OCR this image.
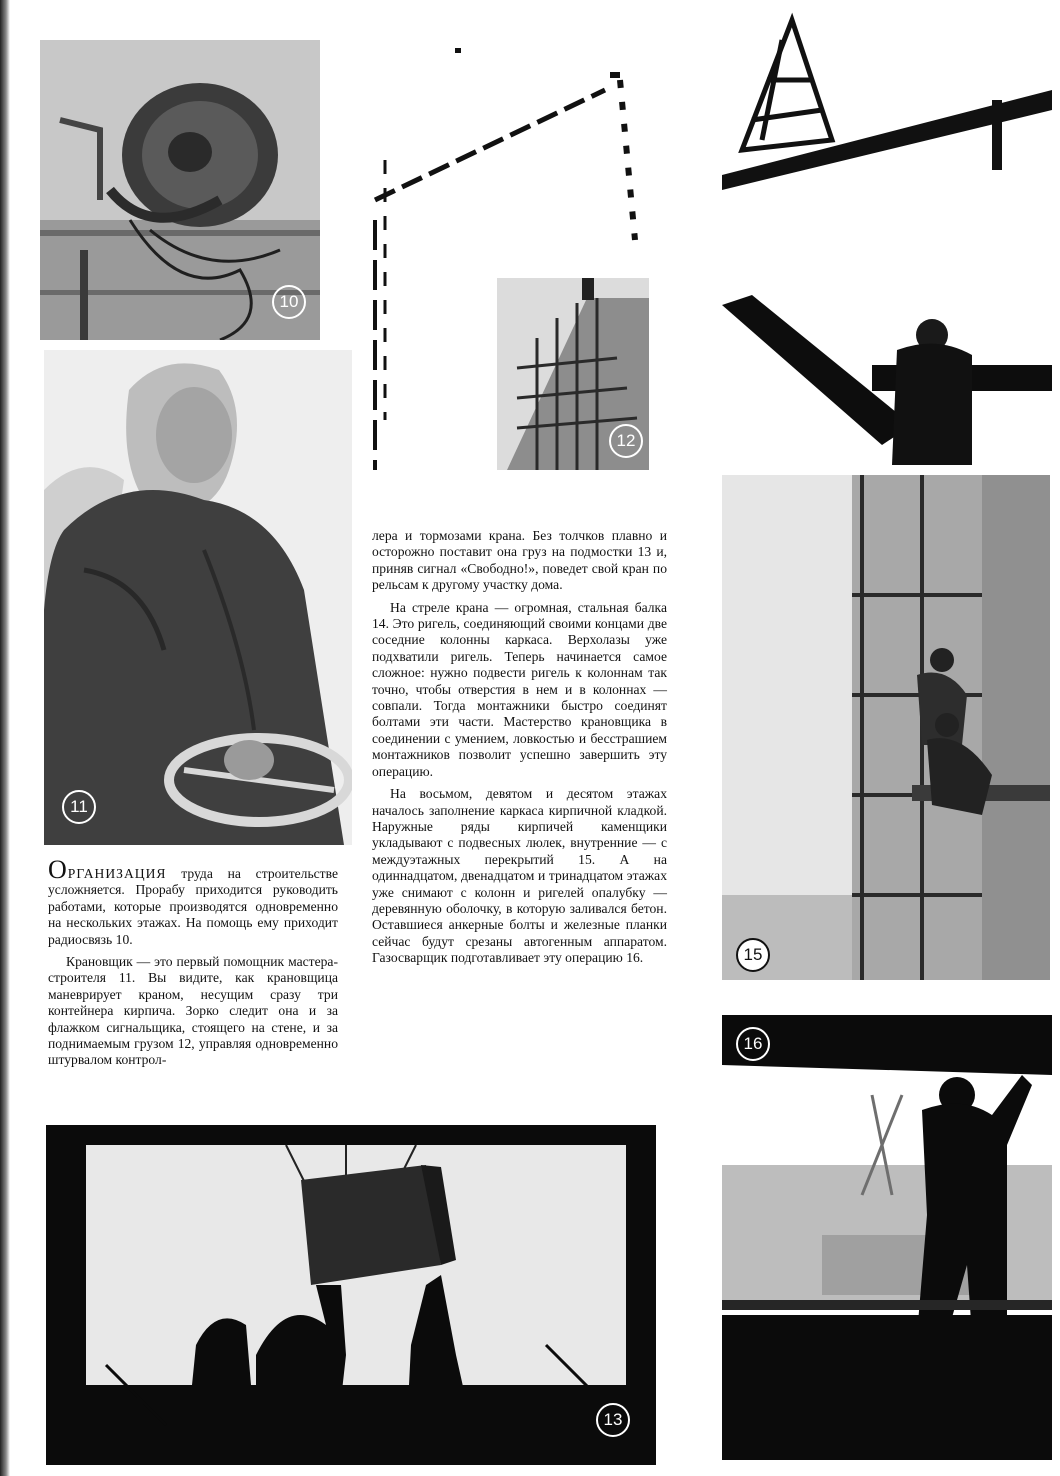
10
11
12
15
16
13

ОРГАНИЗАЦИЯ труда на строительстве усложняется. Прорабу приходится руководить работами, которые производятся одновременно на нескольких этажах. На помощь ему приходит радиосвязь 10.

Крановщик — это первый помощник мастера-строителя 11. Вы видите, как крановщица маневрирует краном, несущим сразу три контейнера кирпича. Зорко следит она и за флажком сигнальщика, стоящего на стене, и за поднимаемым грузом 12, управляя одновременно штурвалом контрол-

лера и тормозами крана. Без толчков плавно и осторожно поставит она груз на подмостки 13 и, приняв сигнал «Свободно!», поведет свой кран по рельсам к другому участку дома.

На стреле крана — огромная, стальная балка 14. Это ригель, соединяющий своими концами две соседние колонны каркаса. Верхолазы уже подхватили ригель. Теперь начинается самое сложное: нужно подвести ригель к колоннам так точно, чтобы отверстия в нем и в колоннах — совпали. Тогда монтажники быстро соединят болтами эти части. Мастерство крановщика в соединении с умением, ловкостью и бесстрашием монтажников позволит успешно завершить эту операцию.

На восьмом, девятом и десятом этажах началось заполнение каркаса кирпичной кладкой. Наружные ряды кирпичей каменщики укладывают с подвесных люлек, внутренние — с междуэтажных перекрытий 15. А на одиннадцатом, двенадцатом и тринадцатом этажах уже снимают с колонн и ригелей опалубку — деревянную оболочку, в которую заливался бетон. Оставшиеся анкерные болты и железные планки сейчас будут срезаны автогенным аппаратом. Газосварщик подготавливает эту операцию 16.
